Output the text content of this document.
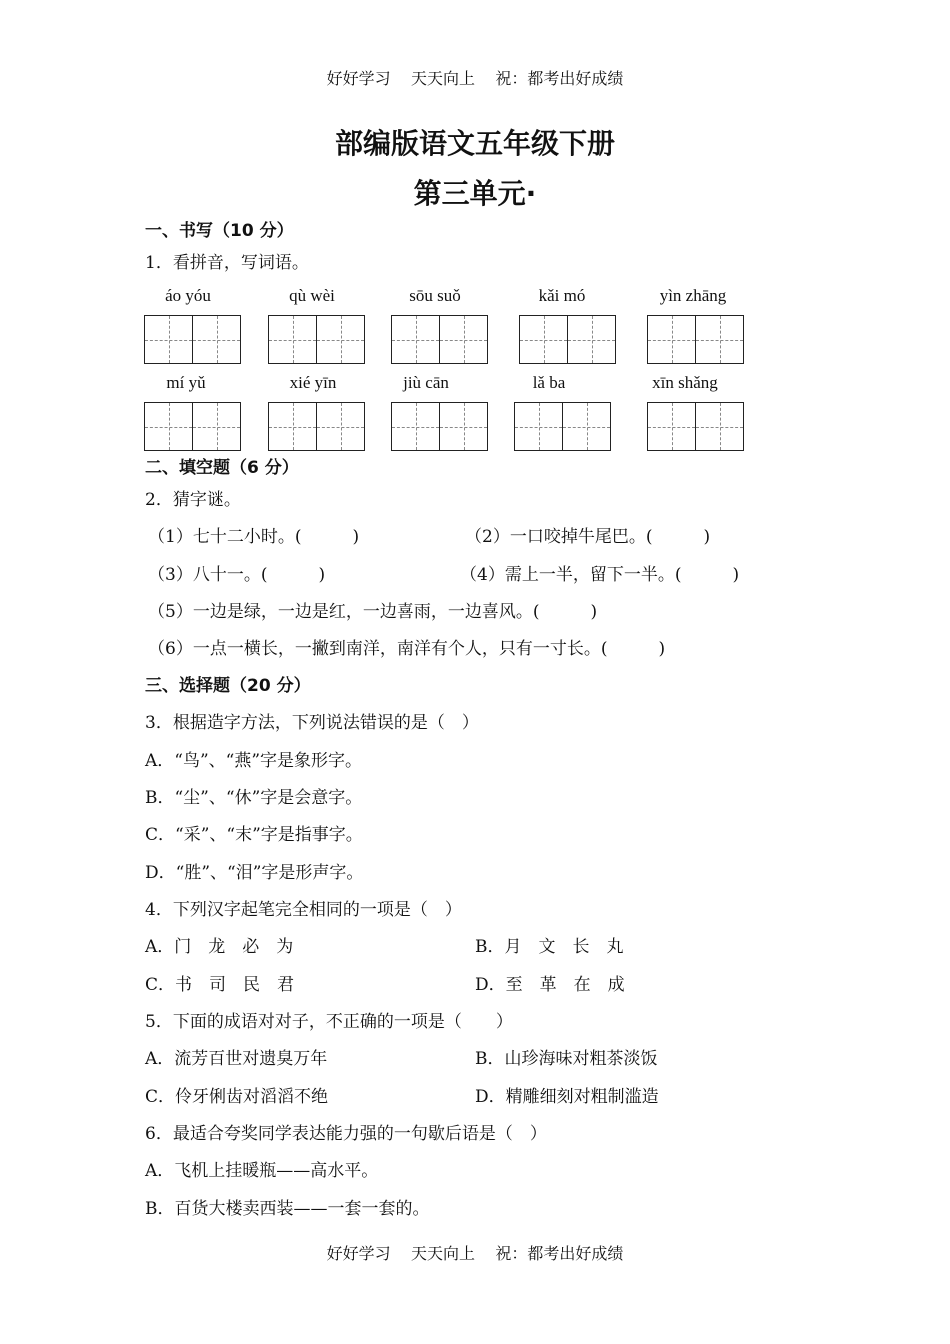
好好学习    天天向上    祝：都考出好成绩
部编版语文五年级下册
第三单元·
一、书写（10 分）
1．看拼音，写词语。
áo yóu	qù wèi	sōu suǒ	kǎi mó	yìn zhāng
mí yǔ	xié yīn	jiù cān	lǎ ba	xīn shǎng
二、填空题（6 分）
2．猜字谜。
（1）七十二小时。(　　　)	（2）一口咬掉牛尾巴。(　　　)
（3）八十一。(　　　)	（4）需上一半，留下一半。(　　　)
（5）一边是绿，一边是红，一边喜雨，一边喜风。(　　　)
（6）一点一横长，一撇到南洋，南洋有个人，只有一寸长。(　　　)
三、选择题（20 分）
3．根据造字方法，下列说法错误的是（　）
A．“鸟”、“燕”字是象形字。
B．“尘”、“休”字是会意字。
C．“采”、“末”字是指事字。
D．“胜”、“泪”字是形声字。
4．下列汉字起笔完全相同的一项是（　）
A．门　龙　必　为	B．月　文　长　丸
C．书　司　民　君	D．至　革　在　成
5．下面的成语对对子，不正确的一项是（　　）
A．流芳百世对遗臭万年	B．山珍海味对粗茶淡饭
C．伶牙俐齿对滔滔不绝	D．精雕细刻对粗制滥造
6．最适合夸奖同学表达能力强的一句歇后语是（　）
A．飞机上挂暖瓶——高水平。
B．百货大楼卖西装——一套一套的。
好好学习    天天向上    祝：都考出好成绩
